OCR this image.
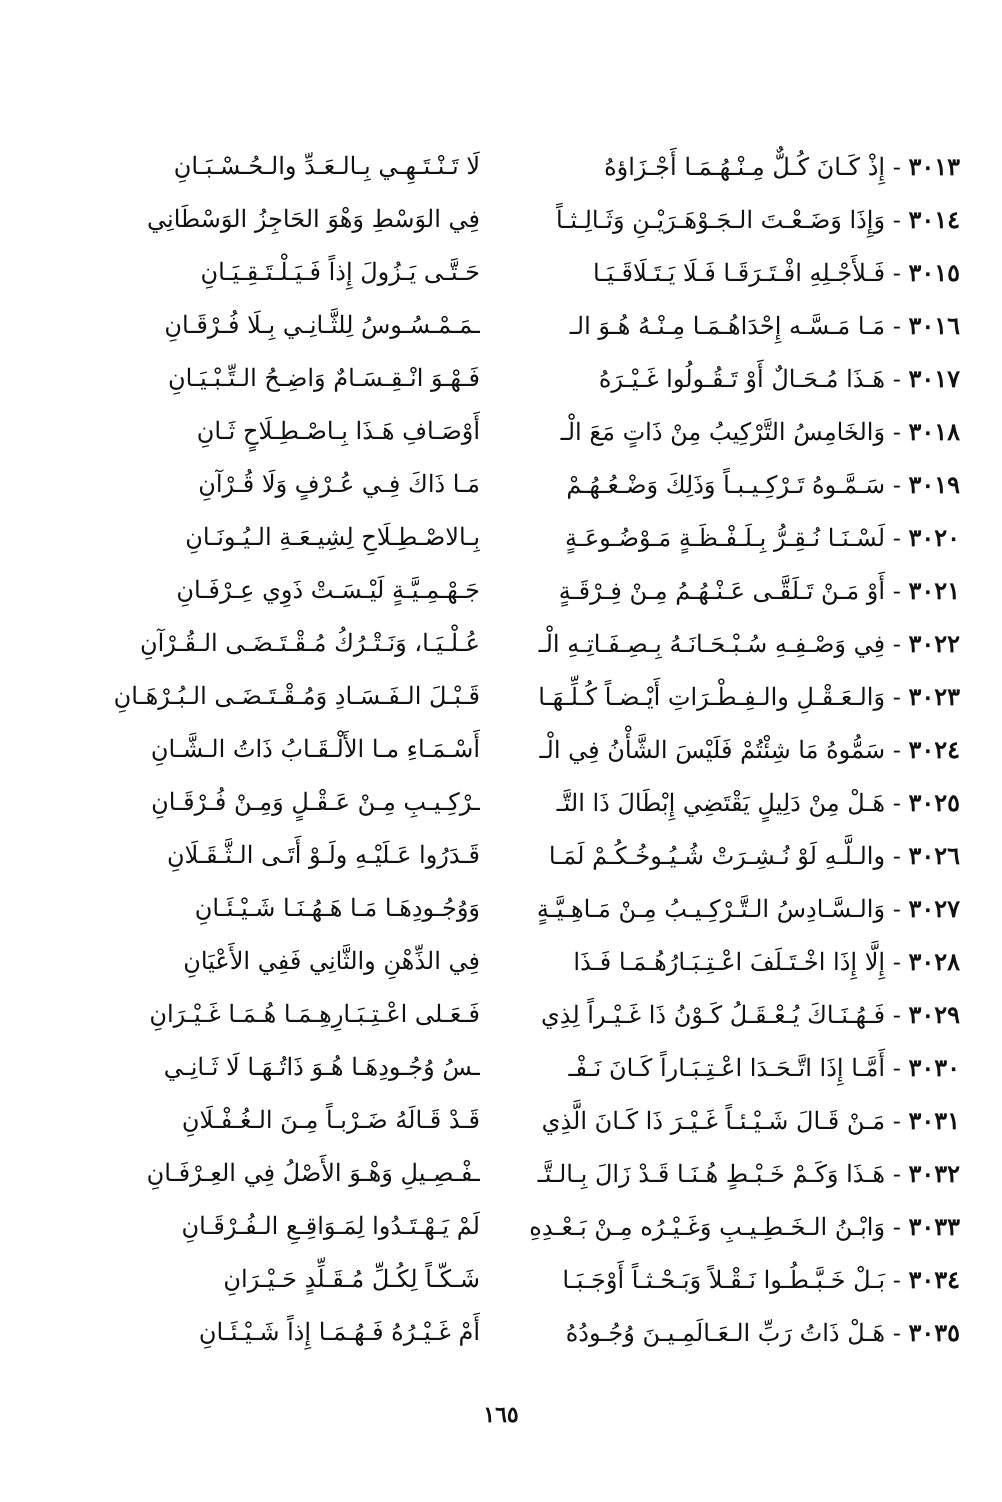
٣٠١٣ - إِذْ كَـانَ كُـلٌّ مِـنْـهُـمَـا أَجْـزَاؤهُ
لَا تَـنْـتَـهِـي بِـالـعَـدِّ والـحُـسْـبَـانِ
٣٠١٤ - وَإِذَا وَضَـعْـتَ الـجَـوْهَـرَيْـنِ وَثَـالِـثـاً
فِي الوَسْطِ وَهْوَ الحَاجِزُ الوَسْطَانِي
٣٠١٥ - فَـلأَجْـلِهِ افْـتَـرَقَـا فَـلَا يَـتَـلَاقَـيَـا
حَـتَّـى يَـزُولَ إِذاً فَـيَـلْـتَـقِـيَـانِ
٣٠١٦ - مَـا مَـسَّـه إِحْدَاهُـمَـا مِـنْـهُ هُـوَ الـ
ـمَـمْـسُـوسُ لِلثَّـانِـي بِـلَا فُـرْقَـانِ
٣٠١٧ - هَـذَا مُـحَـالٌ أَوْ تَـقُـولُوا غَـيْـرَهُ
فَـهْـوَ انْـقِـسَـامٌ وَاضِـحُ الـتِّـبْـيَـانِ
٣٠١٨ - وَالخَامِسُ التَّرْكِيبُ مِنْ ذَاتٍ مَعَ الْـ
أَوْصَـافِ هَـذَا بِـاصْـطِـلَاحٍ ثَـانِ
٣٠١٩ - سَـمَّـوهُ تَـرْكِـيـبـاً وَذَلِكَ وَضْـعُـهُـمْ
مَـا ذَاكَ فِـي عُـرْفٍ وَلَا قُـرْآنِ
٣٠٢٠ - لَسْـنَـا نُـقِـرُّ بِـلَـفْـظَـةٍ مَـوْضُـوعَـةٍ
بِـالاصْـطِـلَاحِ لِشِيـعَـةِ الـيُـونَـانِ
٣٠٢١ - أَوْ مَـنْ تَـلَقَّـى عَـنْـهُـمُ مِـنْ فِـرْقَـةٍ
جَـهْـمِـيَّـةٍ لَيْـسَـتْ ذَوِي عِـرْفَـانِ
٣٠٢٢ - فِي وَصْـفِـهِ سُـبْـحَـانَـهُ بِـصِـفَـاتِـهِ الْـ
عُـلْـيَـا، وَنَـتْـرُكُ مُـقْـتَـضَـى الـقُـرْآنِ
٣٠٢٣ - وَالـعَـقْـلِ والـفِـطْـرَاتِ أَيْـضـاً كُـلِّـهَـا
قَـبْـلَ الـفَـسَـادِ وَمُـقْـتَـضَـى الـبُـرْهَـانِ
٣٠٢٤ - سَمُّوهُ مَا شِئْتُمْ فَلَيْسَ الشَّأْنُ فِي الْـ
أَسْـمَـاءِ مـا الأَلْـقَـابُ ذَاتُ الـشَّـانِ
٣٠٢٥ - هَـلْ مِنْ دَلِيلٍ يَقْتَضِي إِبْطَالَ ذَا التَّـ
ـرْكِـيـبِ مِـنْ عَـقْـلٍ وَمِـنْ فُـرْقَـانِ
٣٠٢٦ - والـلَّـهِ لَوْ نُـشِـرَتْ شُـيُـوخُـكُـمْ لَمَـا
قَـدَرُوا عَـلَيْـهِ ولَـوْ أَتَـى الـثَّـقَـلَانِ
٣٠٢٧ - وَالـسَّـادِسُ الـتَّـرْكِـيـبُ مِـنْ مَـاهِـيَّـةٍ
وَوُجُـودِهَـا مَـا هَـهُـنَـا شَـيْـئَـانِ
٣٠٢٨ - إِلَّا إِذَا اخْـتَـلَفَ اعْـتِـبَـارُهُـمَـا فَـذَا
فِي الذِّهْنِ والثَّانِي فَفِي الأَعْيَانِ
٣٠٢٩ - فَـهُـنَـاكَ يُـعْـقَـلُ كَـوْنُ ذَا غَـيْـراً لِذِي
فَـعَـلى اعْـتِـبَـارِهِـمَـا هُـمَـا غَـيْـرَانِ
٣٠٣٠ - أَمَّـا إِذَا اتَّـحَـدَا اعْـتِـبَـاراً كَـانَ نَـفْـ
ـسُ وُجُـودِهَـا هُـوَ ذَاتُـهَـا لَا ثَـانِـي
٣٠٣١ - مَـنْ قَـالَ شَـيْـئـاً غَـيْـرَ ذَا كَـانَ الَّذِي
قَـدْ قَـالَهُ ضَـرْبـاً مِـنَ الـغُـفْـلَانِ
٣٠٣٢ - هَـذَا وَكَـمْ خَـبْـطٍ هُـنَـا قَـدْ زَالَ بِـالـتَّـ
ـفْـصِـيلِ وَهْـوَ الأَصْلُ فِي العِـرْفَـانِ
٣٠٣٣ - وَابْـنُ الـخَـطِـيـبِ وَغَـيْـرُه مِـنْ بَـعْـدِهِ
لَمْ يَـهْـتَـدُوا لِمَـوَاقِـعِ الـفُـرْقَـانِ
٣٠٣٤ - بَـلْ خَـبَّـطُـوا نَـقْـلاً وَبَـحْـثـاً أَوْجَـبَـا
شَـكّـاً لِكُـلِّ مُـقَـلِّدٍ حَـيْـرَانِ
٣٠٣٥ - هَـلْ ذَاتُ رَبِّ الـعَـالَمِـيـنَ وُجُـودُهُ
أَمْ غَـيْـرُهُ فَـهُـمَـا إِذاً شَـيْـئَـانِ
١٦٥
